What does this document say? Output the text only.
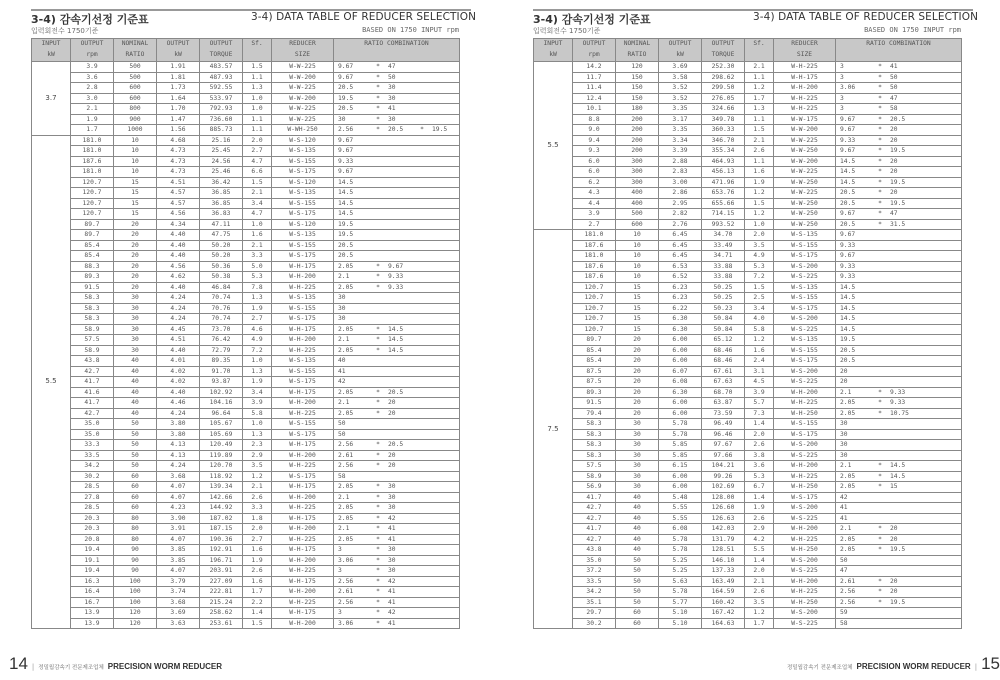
3-4) 감속기선정 기준표	3-4) DATA TABLE OF REDUCER SELECTION
입력회전수 1750기준	BASED ON 1750 INPUT rpm
INPUT	OUTPUT	NOMINAL	OUTPUT	OUTPUT	Sf.	REDUCER	RATIO COMBINATION
kW	rpm	RATIO	kW	TORQUE		SIZE	
3.7	3.9	500	1.91	483.57	1.5	W-W-225	9.67 * 47
	3.6	500	1.81	487.93	1.1	W-W-200	9.67 * 50
	2.8	600	1.73	592.55	1.3	W-W-225	20.5 * 30
	3.0	600	1.64	533.97	1.0	W-W-200	19.5 * 30
	2.1	800	1.70	792.93	1.0	W-W-225	20.5 * 41
	1.9	900	1.47	736.60	1.1	W-W-225	30 * 30
	1.7	1000	1.56	885.73	1.1	W-WH-250	2.56 * 20.5 * 19.5
5.5	181.0	10	4.68	25.16	2.0	W-S-120	9.67
	181.0	10	4.73	25.45	2.7	W-S-135	9.67
	187.6	10	4.73	24.56	4.7	W-S-155	9.33
	181.0	10	4.73	25.46	6.6	W-S-175	9.67
	120.7	15	4.51	36.42	1.5	W-S-120	14.5
	120.7	15	4.57	36.85	2.1	W-S-135	14.5
	120.7	15	4.57	36.85	3.4	W-S-155	14.5
	120.7	15	4.56	36.83	4.7	W-S-175	14.5
	89.7	20	4.34	47.11	1.0	W-S-120	19.5
	89.7	20	4.40	47.75	1.6	W-S-135	19.5
	85.4	20	4.40	50.20	2.1	W-S-155	20.5
	85.4	20	4.40	50.20	3.3	W-S-175	20.5
	88.3	20	4.56	50.36	5.0	W-H-175	2.05 * 9.67
	89.3	20	4.62	50.38	5.3	W-H-200	2.1 * 9.33
	91.5	20	4.40	46.84	7.8	W-H-225	2.05 * 9.33
	58.3	30	4.24	70.74	1.3	W-S-135	30
	58.3	30	4.24	70.76	1.9	W-S-155	30
	58.3	30	4.24	70.74	2.7	W-S-175	30
	58.9	30	4.45	73.70	4.6	W-H-175	2.05 * 14.5
	57.5	30	4.51	76.42	4.9	W-H-200	2.1 * 14.5
	58.9	30	4.40	72.79	7.2	W-H-225	2.05 * 14.5
	43.8	40	4.01	89.35	1.0	W-S-135	40
	42.7	40	4.02	91.70	1.3	W-S-155	41
	41.7	40	4.02	93.87	1.9	W-S-175	42
	41.6	40	4.40	102.92	3.4	W-H-175	2.05 * 20.5
	41.7	40	4.46	104.16	3.9	W-H-200	2.1 * 20
	42.7	40	4.24	96.64	5.8	W-H-225	2.05 * 20
	35.0	50	3.80	105.67	1.0	W-S-155	50
	35.0	50	3.80	105.69	1.3	W-S-175	50
	33.3	50	4.13	120.49	2.3	W-H-175	2.56 * 20.5
	33.5	50	4.13	119.89	2.9	W-H-200	2.61 * 20
	34.2	50	4.24	120.70	3.5	W-H-225	2.56 * 20
	30.2	60	3.68	118.92	1.2	W-S-175	58
	28.5	60	4.07	139.34	2.1	W-H-175	2.05 * 30
	27.8	60	4.07	142.66	2.6	W-H-200	2.1 * 30
	28.5	60	4.23	144.92	3.3	W-H-225	2.05 * 30
	20.3	80	3.90	187.02	1.8	W-H-175	2.05 * 42
	20.3	80	3.91	187.15	2.0	W-H-200	2.1 * 41
	20.8	80	4.07	190.36	2.7	W-H-225	2.05 * 41
	19.4	90	3.85	192.91	1.6	W-H-175	3 * 30
	19.1	90	3.85	196.71	1.9	W-H-200	3.06 * 30
	19.4	90	4.07	203.91	2.6	W-H-225	3 * 30
	16.3	100	3.79	227.09	1.6	W-H-175	2.56 * 42
	16.4	100	3.74	222.81	1.7	W-H-200	2.61 * 41
	16.7	100	3.68	215.24	2.2	W-H-225	2.56 * 41
	13.9	120	3.69	258.62	1.4	W-H-175	3 * 42
	13.9	120	3.63	253.61	1.5	W-H-200	3.06 * 41
14 | 정밀웜감속기 전문제조업체 PRECISION WORM REDUCER
3-4) 감속기선정 기준표	3-4) DATA TABLE OF REDUCER SELECTION
입력회전수 1750기준	BASED ON 1750 INPUT rpm
INPUT	OUTPUT	NOMINAL	OUTPUT	OUTPUT	Sf.	REDUCER	RATIO COMBINATION
kW	rpm	RATIO	kW	TORQUE		SIZE	
5.5	14.2	120	3.69	252.30	2.1	W-H-225	3 * 41
	11.7	150	3.58	298.62	1.1	W-H-175	3 * 50
	11.4	150	3.52	299.50	1.2	W-H-200	3.06 * 50
	12.4	150	3.52	276.05	1.7	W-H-225	3 * 47
	10.1	180	3.35	324.66	1.3	W-H-225	3 * 58
	8.8	200	3.17	349.78	1.1	W-W-175	9.67 * 20.5
	9.0	200	3.35	360.33	1.5	W-W-200	9.67 * 20
	9.4	200	3.34	346.70	2.1	W-W-225	9.33 * 20
	9.3	200	3.39	355.34	2.6	W-W-250	9.67 * 19.5
	6.0	300	2.88	464.93	1.1	W-W-200	14.5 * 20
	6.0	300	2.83	456.13	1.6	W-W-225	14.5 * 20
	6.2	300	3.00	471.96	1.9	W-W-250	14.5 * 19.5
	4.3	400	2.86	653.76	1.2	W-W-225	20.5 * 20
	4.4	400	2.95	655.66	1.5	W-W-250	20.5 * 19.5
	3.9	500	2.82	714.15	1.2	W-W-250	9.67 * 47
	2.7	600	2.76	993.52	1.0	W-W-250	20.5 * 31.5
7.5	181.0	10	6.45	34.70	2.0	W-S-135	9.67
	187.6	10	6.45	33.49	3.5	W-S-155	9.33
	181.0	10	6.45	34.71	4.9	W-S-175	9.67
	187.6	10	6.53	33.88	5.3	W-S-200	9.33
	187.6	10	6.52	33.88	7.2	W-S-225	9.33
	120.7	15	6.23	50.25	1.5	W-S-135	14.5
	120.7	15	6.23	50.25	2.5	W-S-155	14.5
	120.7	15	6.22	50.23	3.4	W-S-175	14.5
	120.7	15	6.30	50.84	4.0	W-S-200	14.5
	120.7	15	6.30	50.84	5.8	W-S-225	14.5
	89.7	20	6.00	65.12	1.2	W-S-135	19.5
	85.4	20	6.00	68.46	1.6	W-S-155	20.5
	85.4	20	6.00	68.46	2.4	W-S-175	20.5
	87.5	20	6.07	67.61	3.1	W-S-200	20
	87.5	20	6.08	67.63	4.5	W-S-225	20
	89.3	20	6.30	68.70	3.9	W-H-200	2.1 * 9.33
	91.5	20	6.00	63.87	5.7	W-H-225	2.05 * 9.33
	79.4	20	6.00	73.59	7.3	W-H-250	2.05 * 10.75
	58.3	30	5.78	96.49	1.4	W-S-155	30
	58.3	30	5.78	96.46	2.0	W-S-175	30
	58.3	30	5.85	97.67	2.6	W-S-200	30
	58.3	30	5.85	97.66	3.8	W-S-225	30
	57.5	30	6.15	104.21	3.6	W-H-200	2.1 * 14.5
	58.9	30	6.00	99.26	5.3	W-H-225	2.05 * 14.5
	56.9	30	6.00	102.69	6.7	W-H-250	2.05 * 15
	41.7	40	5.48	128.00	1.4	W-S-175	42
	42.7	40	5.55	126.60	1.9	W-S-200	41
	42.7	40	5.55	126.63	2.6	W-S-225	41
	41.7	40	6.08	142.03	2.9	W-H-200	2.1 * 20
	42.7	40	5.78	131.79	4.2	W-H-225	2.05 * 20
	43.8	40	5.78	128.51	5.5	W-H-250	2.05 * 19.5
	35.0	50	5.25	146.10	1.4	W-S-200	50
	37.2	50	5.25	137.33	2.0	W-S-225	47
	33.5	50	5.63	163.49	2.1	W-H-200	2.61 * 20
	34.2	50	5.78	164.59	2.6	W-H-225	2.56 * 20
	35.1	50	5.77	160.42	3.5	W-H-250	2.56 * 19.5
	29.7	60	5.10	167.42	1.2	W-S-200	59
	30.2	60	5.10	164.63	1.7	W-S-225	58
정밀웜감속기 전문제조업체 PRECISION WORM REDUCER | 15
